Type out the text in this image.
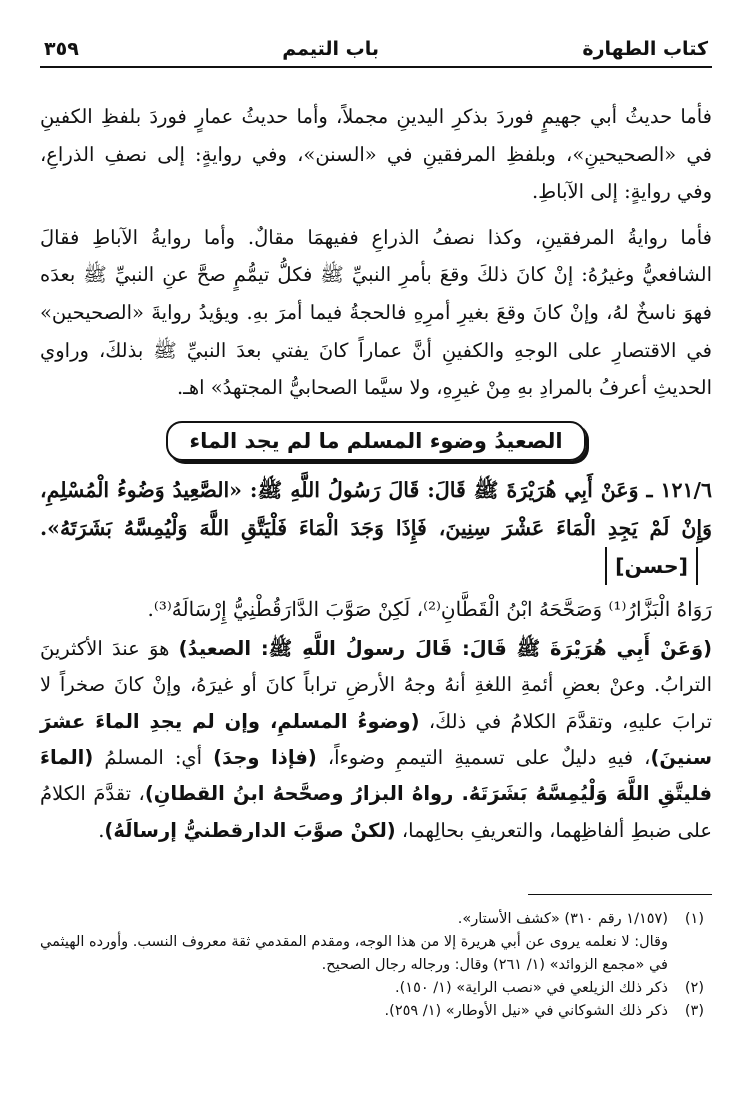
كتاب الطهارة
باب التيمم
٣٥٩

فأما حديثُ أبي جهيمٍ فوردَ بذكرِ اليدينِ مجملاً، وأما حديثُ عمارٍ فوردَ بلفظِ الكفينِ في «الصحيحينِ»، وبلفظِ المرفقينِ في «السنن»، وفي روايةٍ: إلى نصفِ الذراعِ، وفي روايةٍ: إلى الآباطِ.

فأما روايةُ المرفقينِ، وكذا نصفُ الذراعِ ففيهمَا مقالٌ. وأما روايةُ الآباطِ فقالَ الشافعيُّ وغيرُهُ: إنْ كانَ ذلكَ وقعَ بأمرِ النبيِّ ﷺ فكلُّ تيمُّمٍ صحَّ عنِ النبيِّ ﷺ بعدَه فهوَ ناسخٌ لهُ، وإنْ كانَ وقعَ بغيرِ أمرِهِ فالحجةُ فيما أمرَ بهِ. ويؤيدُ روايةَ «الصحيحين» في الاقتصارِ على الوجهِ والكفينِ أنَّ عماراً كانَ يفتي بعدَ النبيِّ ﷺ بذلكَ، وراوي الحديثِ أعرفُ بالمرادِ بهِ مِنْ غيرِهِ، ولا سيَّما الصحابيُّ المجتهدُ» اهـ.

الصعيدُ وضوء المسلم ما لم يجد الماء
١٢١/٦ ـ وَعَنْ أَبِي هُرَيْرَةَ ﷺ قَالَ: قَالَ رَسُولُ اللَّهِ ﷺ: «الصَّعِيدُ وَضُوءُ الْمُسْلِمِ، وَإِنْ لَمْ يَجِدِ الْمَاءَ عَشْرَ سِنِينَ، فَإِذَا وَجَدَ الْمَاءَ فَلْيَتَّقِ اللَّهَ وَلْيُمِسَّهُ بَشَرَتَهُ». [حسن]
رَوَاهُ الْبَزَّارُ⁽¹⁾ وَصَحَّحَهُ ابْنُ الْقَطَّانِ⁽²⁾، لَكِنْ صَوَّبَ الدَّارَقُطْنِيُّ إِرْسَالَهُ⁽³⁾.
(وَعَنْ أَبِي هُرَيْرَةَ ﷺ قَالَ: قَالَ رسولُ اللَّهِ ﷺ: الصعيدُ) هوَ عندَ الأكثرينَ الترابُ. وعنْ بعضِ أئمةِ اللغةِ أنهُ وجهُ الأرضِ تراباً كانَ أو غيرَهُ، وإنْ كانَ صخراً لا ترابَ عليهِ، وتقدَّمَ الكلامُ في ذلكَ، (وضوءُ المسلمِ، وإن لم يجدِ الماءَ عشرَ سنينَ)، فيهِ دليلٌ على تسميةِ التيممِ وضوءاً، (فإذا وجدَ) أي: المسلمُ (الماءَ فليتَّقِ اللَّهَ وَلْيُمِسَّهُ بَشَرَتَهُ. رواهُ البزارُ وصحَّحهُ ابنُ القطانِ)، تقدَّمَ الكلامُ على ضبطِ ألفاظِهما، والتعريفِ بحالِهما، (لكنْ صوَّبَ الدارقطنيُّ إرسالَهُ).
(١)
(١/١٥٧ رقم ٣١٠) «كشف الأستار».
وقال: لا نعلمه يروى عن أبي هريرة إلا من هذا الوجه، ومقدم المقدمي ثقة معروف النسب. وأورده الهيثمي في «مجمع الزوائد» (١/ ٢٦١) وقال: ورجاله رجال الصحيح.
(٢)
ذكر ذلك الزيلعي في «نصب الراية» (١/ ١٥٠).
(٣)
ذكر ذلك الشوكاني في «نيل الأوطار» (١/ ٢٥٩).
